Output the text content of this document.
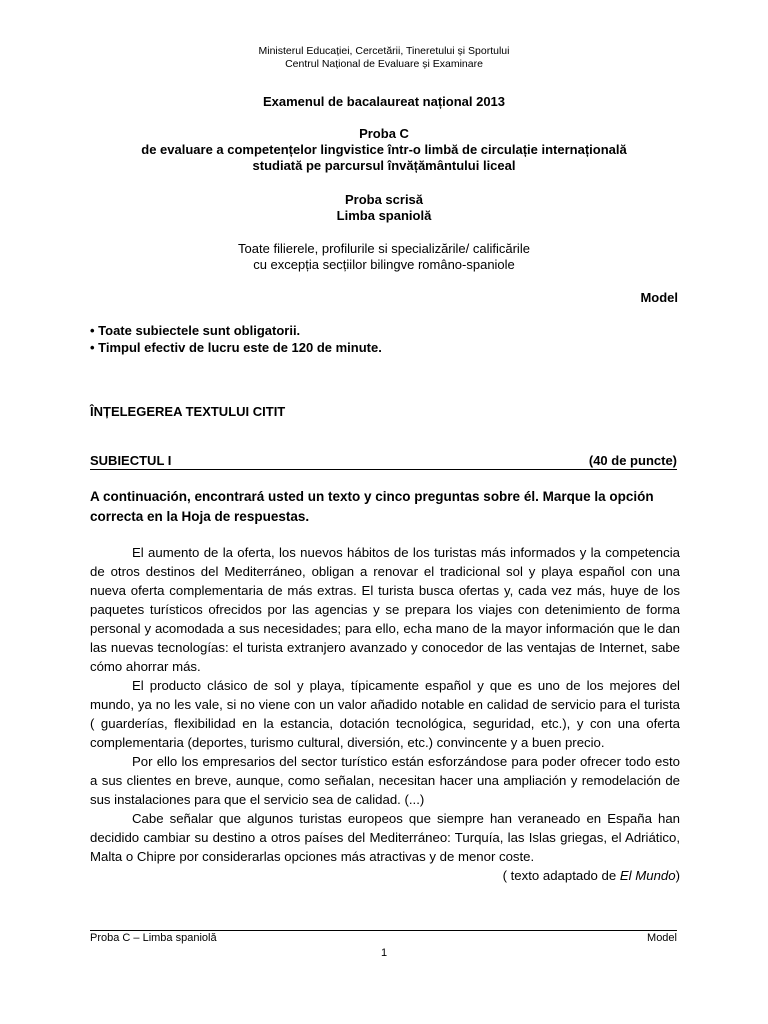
Ministerul Educației, Cercetării, Tineretului și Sportului
Centrul Național de Evaluare și Examinare
Examenul de bacalaureat național 2013
Proba C
de evaluare a competențelor lingvistice într-o limbă de circulație internațională
studiată pe parcursul învățământului liceal
Proba scrisă
Limba spaniolă
Toate filierele, profilurile si specializările/ calificările
cu excepția secțiilor bilingve româno-spaniole
Model
• Toate subiectele sunt obligatorii.
• Timpul efectiv de lucru este de 120 de minute.
ÎNȚELEGEREA TEXTULUI CITIT
SUBIECTUL I	(40 de puncte)
A continuación, encontrará usted un texto y cinco preguntas sobre él. Marque la opción correcta en la Hoja de respuestas.

El aumento de la oferta, los nuevos hábitos de los turistas más informados y la competencia de otros destinos del Mediterráneo, obligan a renovar el tradicional sol y playa español con una nueva oferta complementaria de más extras. El turista busca ofertas y, cada vez más, huye de los paquetes turísticos ofrecidos por las agencias y se prepara los viajes con detenimiento de forma personal y acomodada a sus necesidades; para ello, echa mano de la mayor información que le dan las nuevas tecnologías: el turista extranjero avanzado y conocedor de las ventajas de Internet, sabe cómo ahorrar más.

El producto clásico de sol y playa, típicamente español y que es uno de los mejores del mundo, ya no les vale, si no viene con un valor añadido notable en calidad de servicio para el turista ( guarderías, flexibilidad en la estancia, dotación tecnológica, seguridad, etc.), y con una oferta complementaria (deportes, turismo cultural, diversión, etc.) convincente y a buen precio.

Por ello los empresarios del sector turístico están esforzándose para poder ofrecer todo esto a sus clientes en breve, aunque, como señalan, necesitan hacer una ampliación y remodelación de sus instalaciones para que el servicio sea de calidad. (...)

Cabe señalar que algunos turistas europeos que siempre han veraneado en España han decidido cambiar su destino a otros países del Mediterráneo: Turquía, las Islas griegas, el Adriático, Malta o Chipre por considerarlas opciones más atractivas y de menor coste.

( texto adaptado de El Mundo)
Proba C – Limba spaniolă	Model
1
